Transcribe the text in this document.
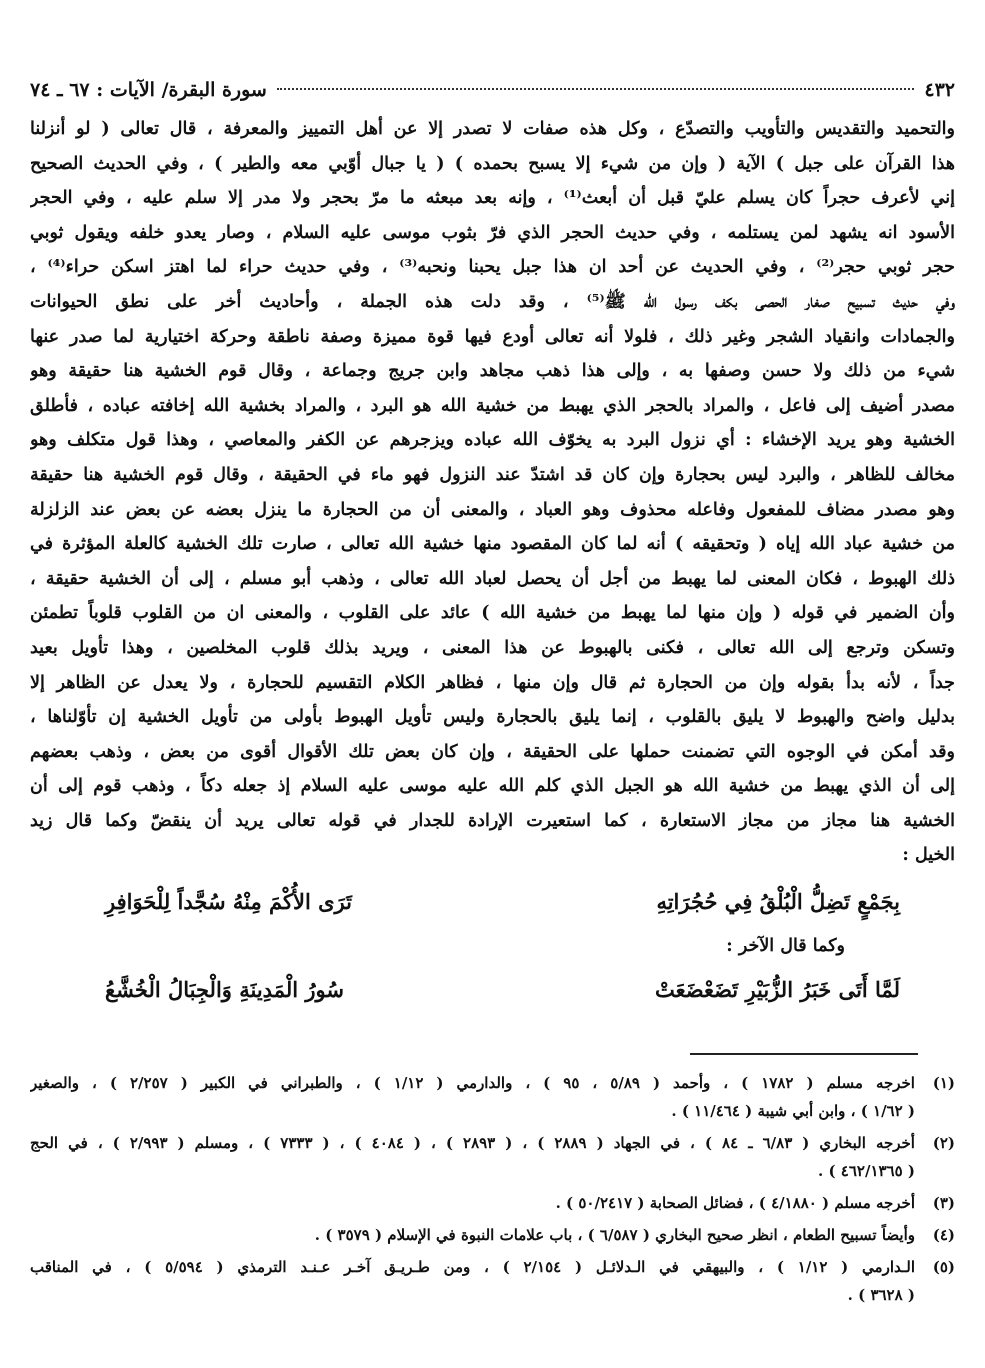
٤٣٢
سورة البقرة/ الآيات : ٦٧ ـ ٧٤
والتحميد والتقديس والتأويب والتصدّع ، وكل هذه صفات لا تصدر إلا عن أهل التمييز والمعرفة ، قال تعالى ( لو أنزلنا
هذا القرآن على جبل ) الآية ( وإن من شيء إلا يسبح بحمده ) ( يا جبال أوّبي معه والطير ) ، وفي الحديث الصحيح
إني لأعرف حجراً كان يسلم عليّ قبل أن أبعث⁽¹⁾ ، وإنه بعد مبعثه ما مرّ بحجر ولا مدر إلا سلم عليه ، وفي الحجر
الأسود انه يشهد لمن يستلمه ، وفي حديث الحجر الذي فرّ بثوب موسى عليه السلام ، وصار يعدو خلفه ويقول ثوبي
حجر ثوبي حجر⁽²⁾ ، وفي الحديث عن أحد ان هذا جبل يحبنا ونحبه⁽³⁾ ، وفي حديث حراء لما اهتز اسكن حراء⁽⁴⁾ ،
وفي حديث تسبيح صغار الحصى بكف رسول الله ﷺ⁽⁵⁾ ، وقد دلت هذه الجملة ، وأحاديث أخر على نطق الحيوانات
والجمادات وانقياد الشجر وغير ذلك ، فلولا أنه تعالى أودع فيها قوة مميزة وصفة ناطقة وحركة اختيارية لما صدر عنها
شيء من ذلك ولا حسن وصفها به ، وإلى هذا ذهب مجاهد وابن جريج وجماعة ، وقال قوم الخشية هنا حقيقة وهو
مصدر أضيف إلى فاعل ، والمراد بالحجر الذي يهبط من خشية الله هو البرد ، والمراد بخشية الله إخافته عباده ، فأطلق
الخشية وهو يريد الإخشاء : أي نزول البرد به يخوّف الله عباده ويزجرهم عن الكفر والمعاصي ، وهذا قول متكلف وهو
مخالف للظاهر ، والبرد ليس بحجارة وإن كان قد اشتدّ عند النزول فهو ماء في الحقيقة ، وقال قوم الخشية هنا حقيقة
وهو مصدر مضاف للمفعول وفاعله محذوف وهو العباد ، والمعنى أن من الحجارة ما ينزل بعضه عن بعض عند الزلزلة
من خشية عباد الله إياه ( وتحقيقه ) أنه لما كان المقصود منها خشية الله تعالى ، صارت تلك الخشية كالعلة المؤثرة في
ذلك الهبوط ، فكان المعنى لما يهبط من أجل أن يحصل لعباد الله تعالى ، وذهب أبو مسلم ، إلى أن الخشية حقيقة ،
وأن الضمير في قوله ( وإن منها لما يهبط من خشية الله ) عائد على القلوب ، والمعنى ان من القلوب قلوباً تطمئن
وتسكن وترجع إلى الله تعالى ، فكنى بالهبوط عن هذا المعنى ، ويريد بذلك قلوب المخلصين ، وهذا تأويل بعيد
جداً ، لأنه بدأ بقوله وإن من الحجارة ثم قال وإن منها ، فظاهر الكلام التقسيم للحجارة ، ولا يعدل عن الظاهر إلا
بدليل واضح والهبوط لا يليق بالقلوب ، إنما يليق بالحجارة وليس تأويل الهبوط بأولى من تأويل الخشية إن تأوّلناها ،
وقد أمكن في الوجوه التي تضمنت حملها على الحقيقة ، وإن كان بعض تلك الأقوال أقوى من بعض ، وذهب بعضهم
إلى أن الذي يهبط من خشية الله هو الجبل الذي كلم الله عليه موسى عليه السلام إذ جعله دكاً ، وذهب قوم إلى أن
الخشية هنا مجاز من مجاز الاستعارة ، كما استعيرت الإرادة للجدار في قوله تعالى يريد أن ينقضّ وكما قال زيد
الخيل :
بِجَمْعٍ تَضِلُّ الْبُلْقُ فِي حُجُرَاتِهِ
تَرَى الأُكْمَ مِنْهُ سُجَّداً لِلْحَوَافِرِ
وكما قال الآخر :
لَمَّا أَتَى خَبَرُ الزُّبَيْرِ تَضَعْضَعَتْ
سُورُ الْمَدِينَةِ وَالْجِبَالُ الْخُشَّعُ
(١)
اخرجه مسلم ( ١٧٨٢ ) ، وأحمد ( ٥/٨٩ ، ٩٥ ) ، والدارمي ( ١/١٢ ) ، والطبراني في الكبير ( ٢/٢٥٧ ) ، والصغير
( ١/٦٢ ) ، وابن أبي شيبة ( ١١/٤٦٤ ) .
(٢)
أخرجه البخاري ( ٦/٨٣ ـ ٨٤ ) ، في الجهاد ( ٢٨٨٩ ) ، ( ٢٨٩٣ ) ، ( ٤٠٨٤ ) ، ( ٧٣٣٣ ) ، ومسلم ( ٢/٩٩٣ ) ، في الحج
( ٤٦٢/١٣٦٥ ) .
(٣)
أخرجه مسلم ( ٤/١٨٨٠ ) ، فضائل الصحابة ( ٥٠/٢٤١٧ ) .
(٤)
وأيضاً تسبيح الطعام ، انظر صحيح البخاري ( ٦/٥٨٧ ) ، باب علامات النبوة في الإسلام ( ٣٥٧٩ ) .
(٥)
الـدارمي ( ١/١٢ ) ، والبيهقي في الـدلائـل ( ٢/١٥٤ ) ، ومن طـريـق آخـر عـنـد الترمذي ( ٥/٥٩٤ ) ، في المناقب
( ٣٦٢٨ ) .
